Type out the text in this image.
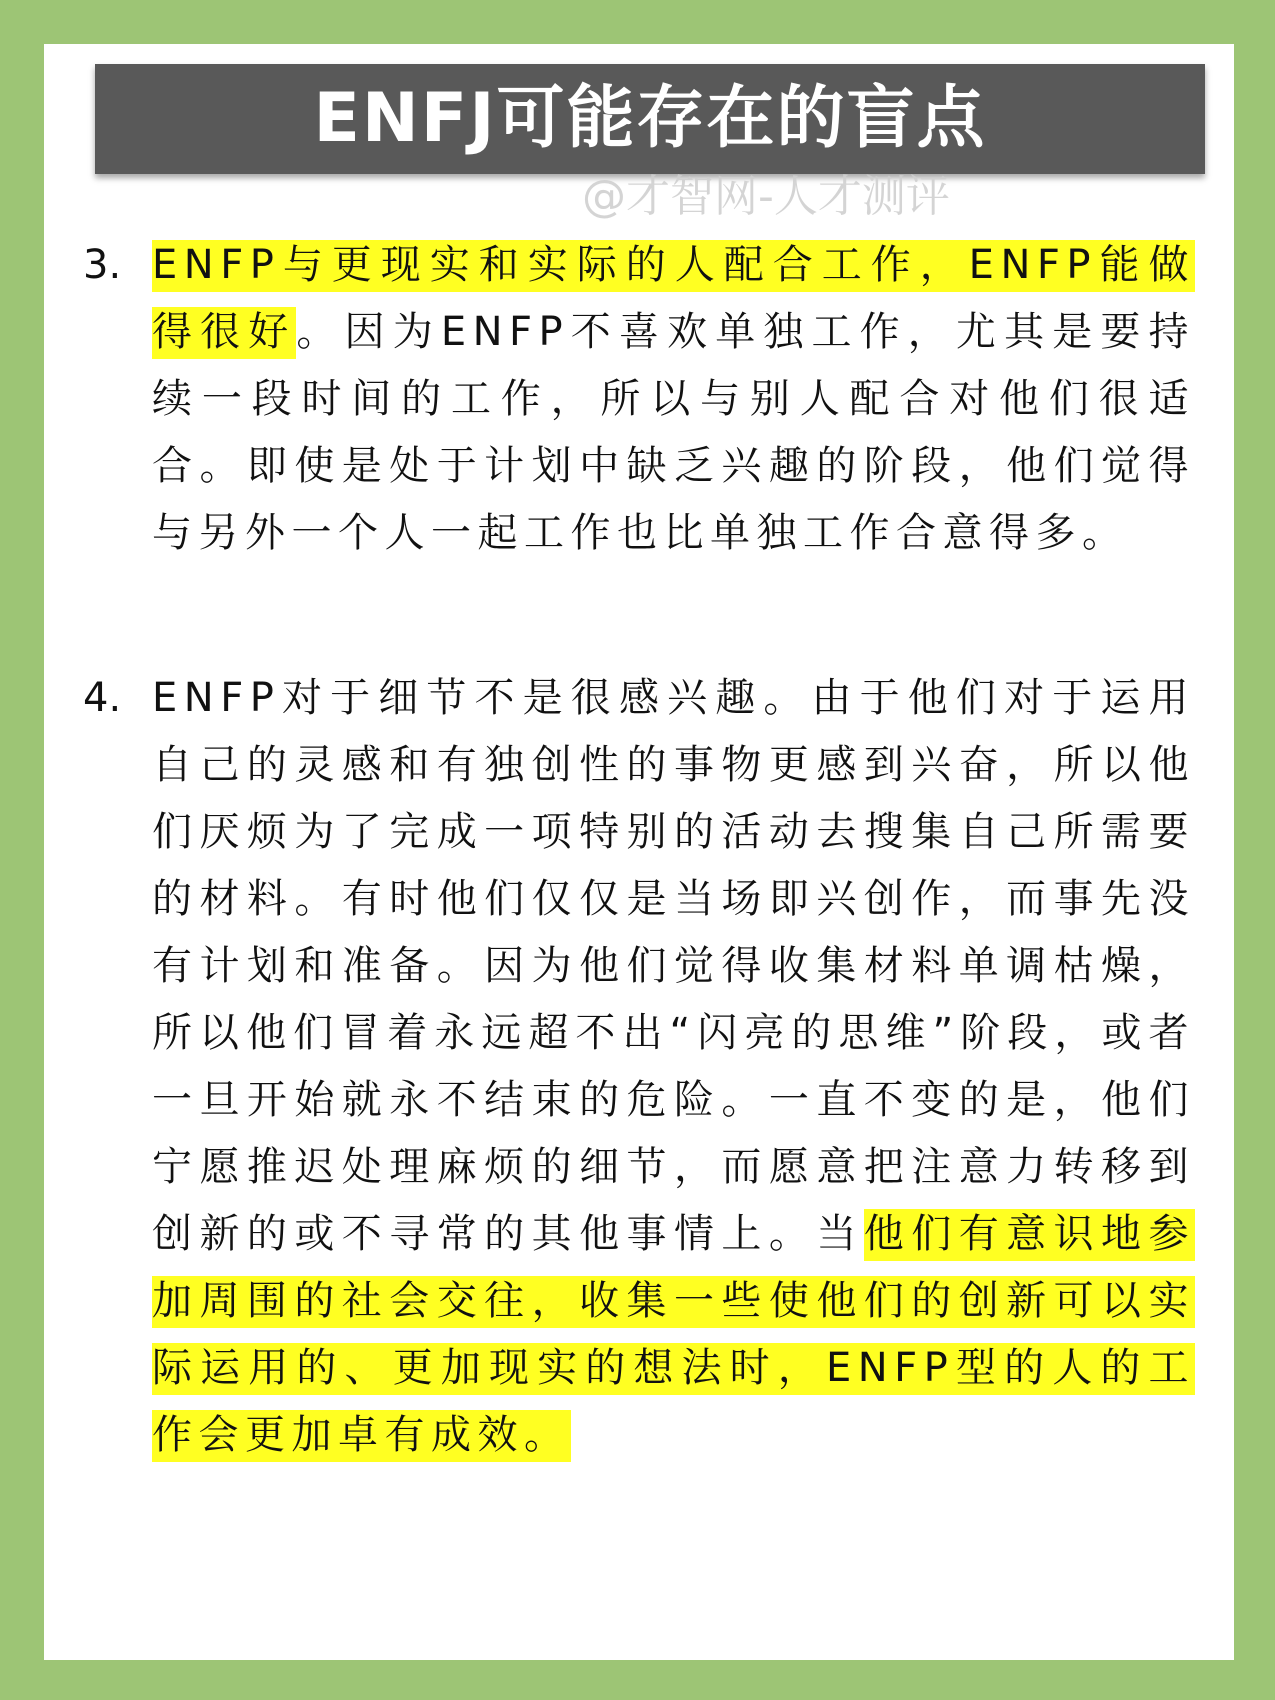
ENFJ可能存在的盲点
@才智网-人才测评
3. ENFP与更现实和实际的人配合工作，ENFP能做得很好。因为ENFP不喜欢单独工作，尤其是要持续一段时间的工作，所以与别人配合对他们很适合。即使是处于计划中缺乏兴趣的阶段，他们觉得与另外一个人一起工作也比单独工作合意得多。
4. ENFP对于细节不是很感兴趣。由于他们对于运用自己的灵感和有独创性的事物更感到兴奋，所以他们厌烦为了完成一项特别的活动去搜集自己所需要的材料。有时他们仅仅是当场即兴创作，而事先没有计划和准备。因为他们觉得收集材料单调枯燥，所以他们冒着永远超不出“闪亮的思维”阶段，或者一旦开始就永不结束的危险。一直不变的是，他们宁愿推迟处理麻烦的细节，而愿意把注意力转移到创新的或不寻常的其他事情上。当他们有意识地参加周围的社会交往，收集一些使他们的创新可以实际运用的、更加现实的想法时，ENFP型的人的工作会更加卓有成效。
